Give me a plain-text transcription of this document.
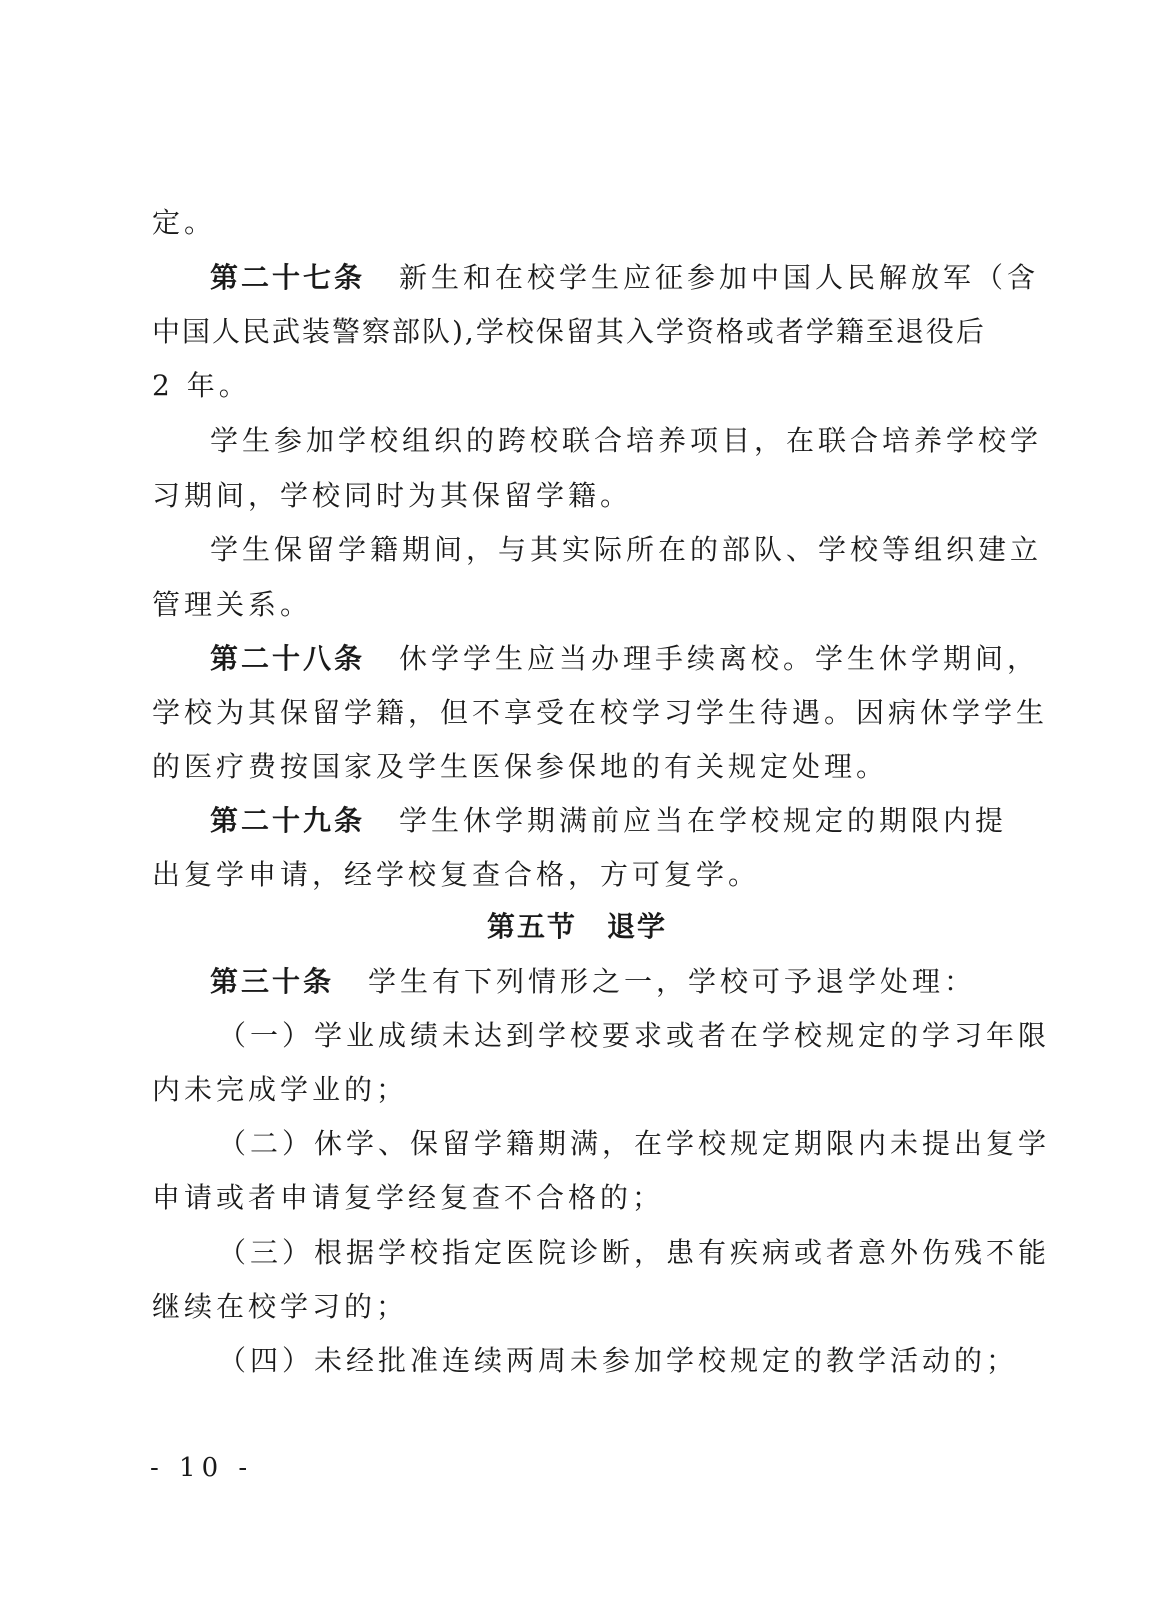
定。
第二十七条 新生和在校学生应征参加中国人民解放军（含
中国人民武装警察部队),学校保留其入学资格或者学籍至退役后
2 年。
学生参加学校组织的跨校联合培养项目，在联合培养学校学
习期间，学校同时为其保留学籍。
学生保留学籍期间，与其实际所在的部队、学校等组织建立
管理关系。
第二十八条 休学学生应当办理手续离校。学生休学期间，
学校为其保留学籍，但不享受在校学习学生待遇。因病休学学生
的医疗费按国家及学生医保参保地的有关规定处理。
第二十九条 学生休学期满前应当在学校规定的期限内提
出复学申请，经学校复查合格，方可复学。
第五节 退学
第三十条 学生有下列情形之一，学校可予退学处理：
（一）学业成绩未达到学校要求或者在学校规定的学习年限
内未完成学业的；
（二）休学、保留学籍期满，在学校规定期限内未提出复学
申请或者申请复学经复查不合格的；
（三）根据学校指定医院诊断，患有疾病或者意外伤残不能
继续在校学习的；
（四）未经批准连续两周未参加学校规定的教学活动的；
- 10 -
